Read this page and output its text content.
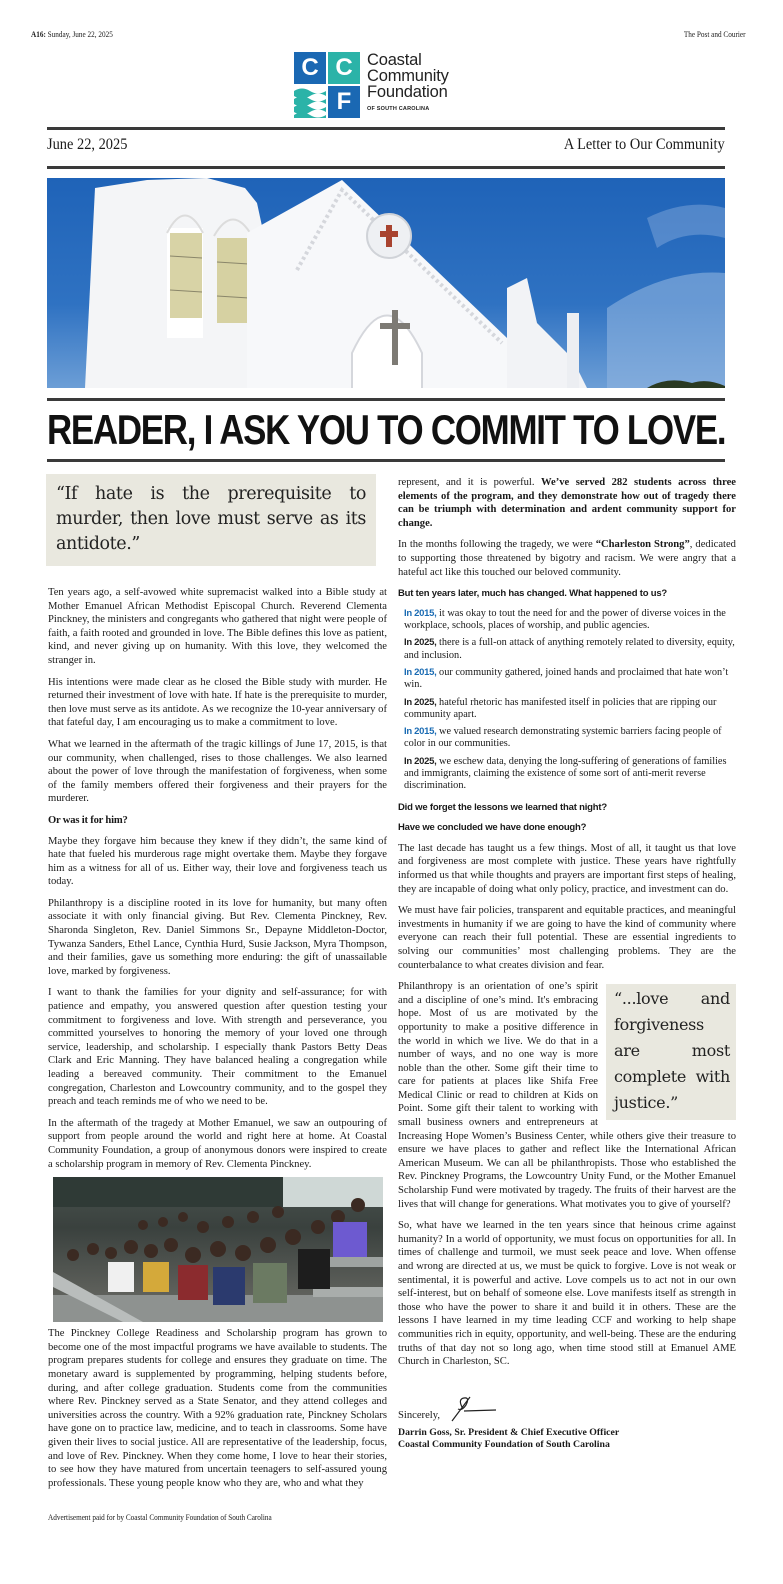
A16: Sunday, June 22, 2025	The Post and Courier
C C
F
Coastal
Community
Foundation
OF SOUTH CAROLINA
June 22, 2025	A Letter to Our Community
READER, I ASK YOU TO COMMIT TO LOVE.
“If hate is the prerequisite to murder, then love must serve as its antidote.”

Ten years ago, a self-avowed white supremacist walked into a Bible study at Mother Emanuel African Methodist Episcopal Church. Reverend Clementa Pinckney, the ministers and congregants who gathered that night were people of faith, a faith rooted and grounded in love. The Bible defines this love as patient, kind, and never giving up on humanity. With this love, they welcomed the stranger in.

His intentions were made clear as he closed the Bible study with murder. He returned their investment of love with hate. If hate is the prerequisite to murder, then love must serve as its antidote. As we recognize the 10-year anniversary of that fateful day, I am encouraging us to make a commitment to love.

What we learned in the aftermath of the tragic killings of June 17, 2015, is that our community, when challenged, rises to those challenges. We also learned about the power of love through the manifestation of forgiveness, when some of the family members offered their forgiveness and their prayers for the murderer.

Or was it for him?

Maybe they forgave him because they knew if they didn’t, the same kind of hate that fueled his murderous rage might overtake them. Maybe they forgave him as a witness for all of us. Either way, their love and forgiveness teach us today.

Philanthropy is a discipline rooted in its love for humanity, but many often associate it with only financial giving. But Rev. Clementa Pinckney, Rev. Sharonda Singleton, Rev. Daniel Simmons Sr., Depayne Middleton-Doctor, Tywanza Sanders, Ethel Lance, Cynthia Hurd, Susie Jackson, Myra Thompson, and their families, gave us something more enduring: the gift of unassailable love, marked by forgiveness.

I want to thank the families for your dignity and self-assurance; for with patience and empathy, you answered question after question testing your commitment to forgiveness and love. With strength and perseverance, you committed yourselves to honoring the memory of your loved one through service, leadership, and scholarship. I especially thank Pastors Betty Deas Clark and Eric Manning. They have balanced healing a congregation while leading a bereaved community. Their commitment to the Emanuel congregation, Charleston and Lowcountry community, and to the gospel they preach and teach reminds me of who we need to be.

In the aftermath of the tragedy at Mother Emanuel, we saw an outpouring of support from people around the world and right here at home. At Coastal Community Foundation, a group of anonymous donors were inspired to create a scholarship program in memory of Rev. Clementa Pinckney.

The Pinckney College Readiness and Scholarship program has grown to become one of the most impactful programs we have available to students. The program prepares students for college and ensures they graduate on time. The monetary award is supplemented by programming, helping students before, during, and after college graduation. Students come from the communities where Rev. Pinckney served as a State Senator, and they attend colleges and universities across the country. With a 92% graduation rate, Pinckney Scholars have gone on to practice law, medicine, and to teach in classrooms. Some have given their lives to social justice. All are representative of the leadership, focus, and love of Rev. Pinckney. When they come home, I love to hear their stories, to see how they have matured from uncertain teenagers to self-assured young professionals. These young people know who they are, who and what they

represent, and it is powerful. We’ve served 282 students across three elements of the program, and they demonstrate how out of tragedy there can be triumph with determination and ardent community support for change.

In the months following the tragedy, we were “Charleston Strong”, dedicated to supporting those threatened by bigotry and racism. We were angry that a hateful act like this touched our beloved community.

But ten years later, much has changed. What happened to us?
In 2015, it was okay to tout the need for and the power of diverse voices in the workplace, schools, places of worship, and public agencies.
In 2025, there is a full-on attack of anything remotely related to diversity, equity, and inclusion.
In 2015, our community gathered, joined hands and proclaimed that hate won’t win.
In 2025, hateful rhetoric has manifested itself in policies that are ripping our community apart.
In 2015, we valued research demonstrating systemic barriers facing people of color in our communities.
In 2025, we eschew data, denying the long-suffering of generations of families and immigrants, claiming the existence of some sort of anti-merit reverse discrimination.
Did we forget the lessons we learned that night?
Have we concluded we have done enough?

The last decade has taught us a few things. Most of all, it taught us that love and forgiveness are most complete with justice. These years have rightfully informed us that while thoughts and prayers are important first steps of healing, they are incapable of doing what only policy, practice, and investment can do.

We must have fair policies, transparent and equitable practices, and meaningful investments in humanity if we are going to have the kind of community where everyone can reach their full potential. These are essential ingredients to solving our communities’ most challenging problems. They are the counterbalance to what creates division and fear.

“...love and forgiveness are most complete with justice.”
Philanthropy is an orientation of one’s spirit and a discipline of one’s mind. It's embracing hope. Most of us are motivated by the opportunity to make a positive difference in the world in which we live. We do that in a number of ways, and no one way is more noble than the other. Some gift their time to care for patients at places like Shifa Free Medical Clinic or read to children at Kids on Point. Some gift their talent to working with small business owners and entrepreneurs at Increasing Hope Women’s Business Center, while others give their treasure to ensure we have places to gather and reflect like the International African American Museum. We can all be philanthropists. Those who established the Rev. Pinckney Programs, the Lowcountry Unity Fund, or the Mother Emanuel Scholarship Fund were motivated by tragedy. The fruits of their harvest are the lives that will change for generations. What motivates you to give of yourself?

So, what have we learned in the ten years since that heinous crime against humanity? In a world of opportunity, we must focus on opportunities for all. In times of challenge and turmoil, we must seek peace and love. When offense and wrong are directed at us, we must be quick to forgive. Love is not weak or sentimental, it is powerful and active. Love compels us to act not in our own self-interest, but on behalf of someone else. Love manifests itself as strength in those who have the power to share it and build it in others. These are the lessons I have learned in my time leading CCF and working to help shape communities rich in equity, opportunity, and well-being. These are the enduring truths of that day not so long ago, when time stood still at Emanuel AME Church in Charleston, SC.

Sincerely,
Darrin Goss, Sr. President & Chief Executive Officer
Coastal Community Foundation of South Carolina
Advertisement paid for by Coastal Community Foundation of South Carolina
